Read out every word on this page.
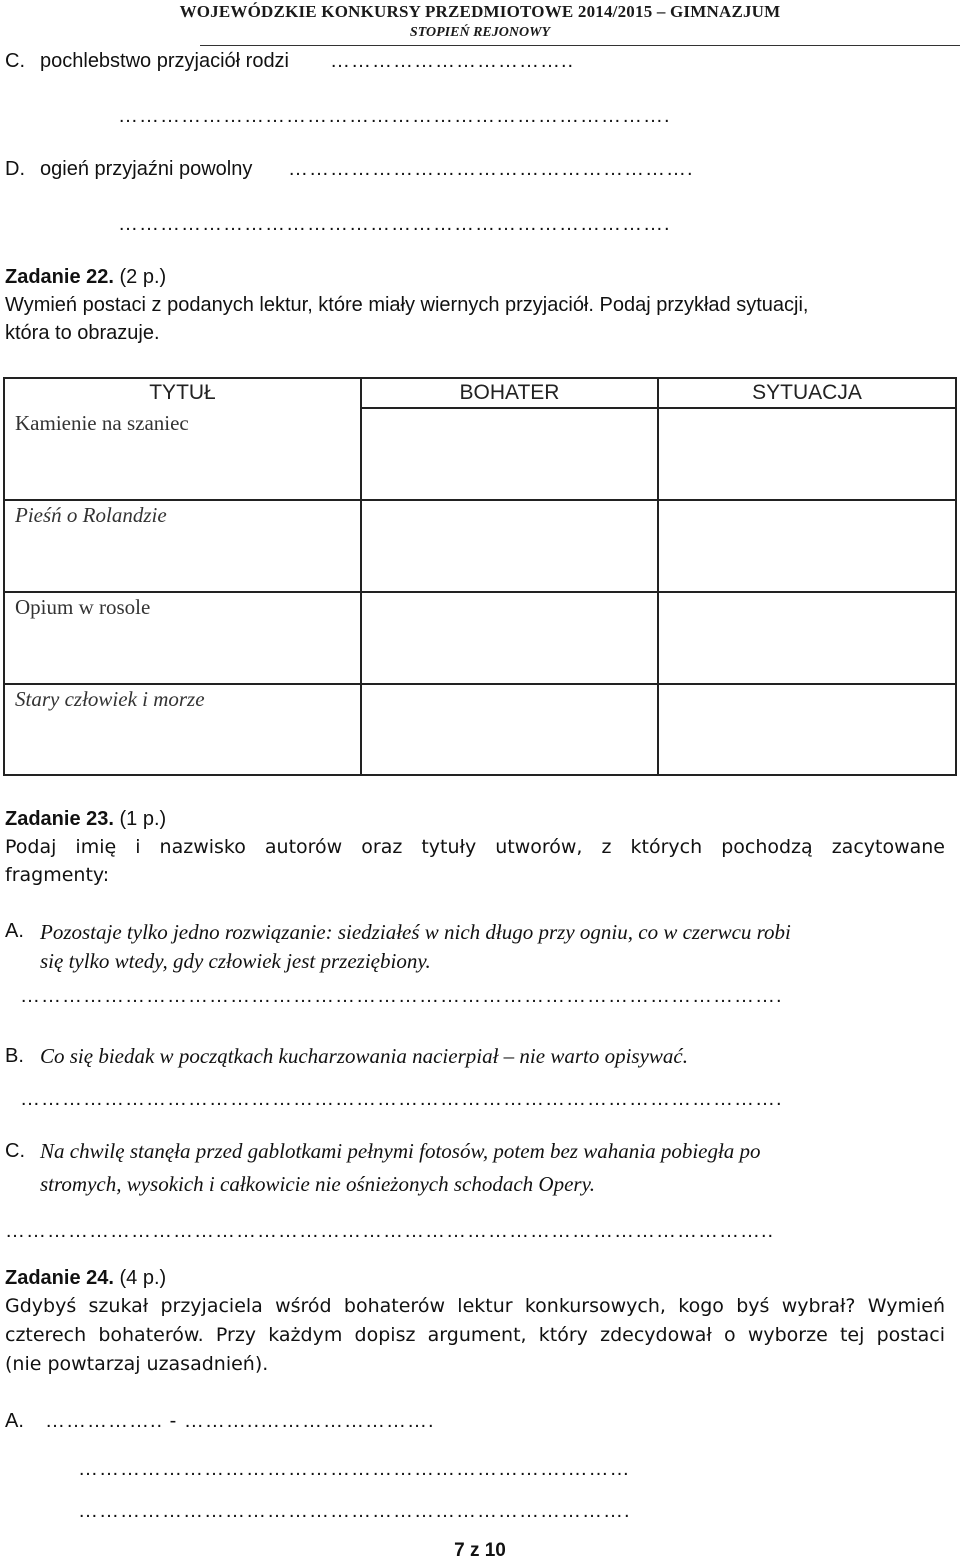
WOJEWÓDZKIE KONKURSY PRZEDMIOTOWE 2014/2015 – GIMNAZJUM
STOPIEŃ REJONOWY
C. pochlebstwo przyjaciół rodzi ……………………………..
…………………………………………………………………….
D. ogień przyjaźni powolny ………………………………………………….
…………………………………………………………………….
Zadanie 22. (2 p.)
Wymień postaci z podanych lektur, które miały wiernych przyjaciół. Podaj przykład sytuacji,
która to obrazuje.
TYTUŁ	BOHATER	SYTUACJA
Kamienie na szaniec
Pieśń o Rolandzie
Opium w rosole
Stary człowiek i morze
Zadanie 23. (1 p.)
Podaj imię i nazwisko autorów oraz tytuły utworów, z których pochodzą zacytowane
fragmenty:
A. Pozostaje tylko jedno rozwiązanie: siedziałeś w nich długo przy ogniu, co w czerwcu robi
się tylko wtedy, gdy człowiek jest przeziębiony.
……………………………………………………………………………………………….
B. Co się biedak w początkach kucharzowania nacierpiał – nie warto opisywać.
……………………………………………………………………………………………….
C. Na chwilę stanęła przed gablotkami pełnymi fotosów, potem bez wahania pobiegła po
stromych, wysokich i całkowicie nie ośnieżonych schodach Opery.
………………………………………………………………………………………………..
Zadanie 24. (4 p.)
Gdybyś szukał przyjaciela wśród bohaterów lektur konkursowych, kogo byś wybrał? Wymień
czterech bohaterów. Przy każdym dopisz argument, który zdecydował o wyborze tej postaci
(nie powtarzaj uzasadnień).
A. …………….. - ………..…………………….
…………………………………………………………….………
…………………………………………………………………….
7 z 10
